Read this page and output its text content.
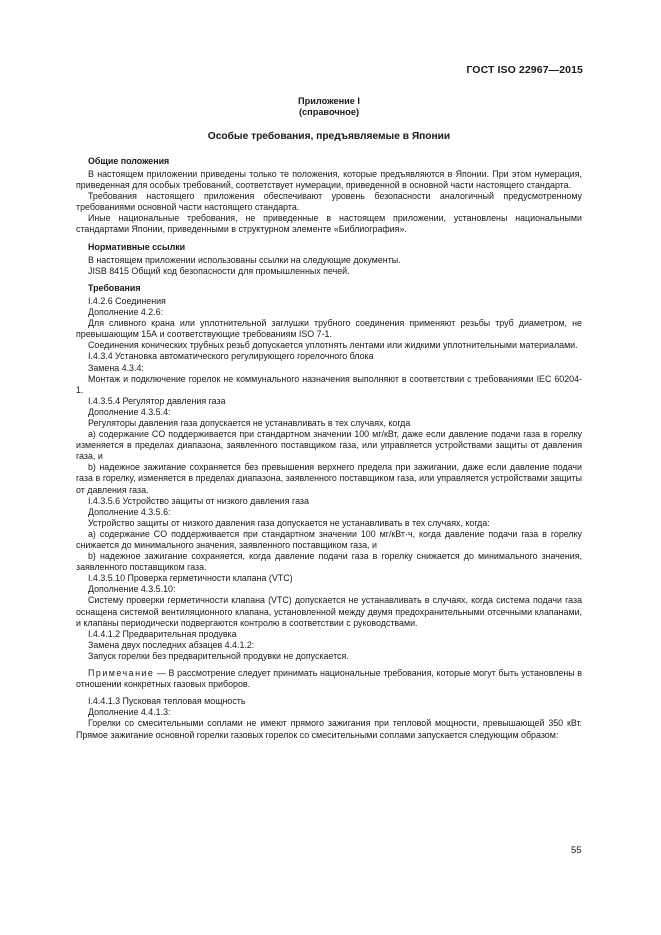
ГОСТ ISO 22967—2015
Приложение I
(справочное)
Особые требования, предъявляемые в Японии
Общие положения

В настоящем приложении приведены только те положения, которые предъявляются в Японии. При этом нумерация, приведенная для особых требований, соответствует нумерации, приведенной в основной части настоящего стандарта.

Требования настоящего приложения обеспечивают уровень безопасности аналогичный предусмотренному требованиями основной части настоящего стандарта.

Иные национальные требования, не приведенные в настоящем приложении, установлены национальными стандартами Японии, приведенными в структурном элементе «Библиография».

Нормативные ссылки

В настоящем приложении использованы ссылки на следующие документы.

JISB 8415 Общий код безопасности для промышленных печей.

Требования

I.4.2.6 Соединения

Дополнение 4.2.6:

Для сливного крана или уплотнительной заглушки трубного соединения применяют резьбы труб диаметром, не превышающим 15А и соответствующие требованиям ISO 7-1.

Соединения конических трубных резьб допускается уплотнять лентами или жидкими уплотнительными материалами.

I.4.3.4 Установка автоматического регулирующего горелочного блока

Замена 4.3.4:

Монтаж и подключение горелок не коммунального назначения выполняют в соответствии с требованиями IEC 60204-1.

I.4.3.5.4 Регулятор давления газа

Дополнение 4.3.5.4:

Регуляторы давления газа допускается не устанавливать в тех случаях, когда

а) содержание CO поддерживается при стандартном значении 100 мг/кВт, даже если давление подачи газа в горелку изменяется в пределах диапазона, заявленного поставщиком газа, или управляется устройствами защиты от давления газа, и

b) надежное зажигание сохраняется без превышения верхнего предела при зажигании, даже если давление подачи газа в горелку, изменяется в пределах диапазона, заявленного поставщиком газа, или управляется устройствами защиты от давления газа.

I.4.3.5.6 Устройство защиты от низкого давления газа

Дополнение 4.3.5.6:

Устройство защиты от низкого давления газа допускается не устанавливать в тех случаях, когда:

а) содержание CO поддерживается при стандартном значении 100 мг/кВт·ч, когда давление подачи газа в горелку снижается до минимального значения, заявленного поставщиком газа, и

b) надежное зажигание сохраняется, когда давление подачи газа в горелку снижается до минимального значения, заявленного поставщиком газа.

I.4.3.5.10 Проверка герметичности клапана (VTC)

Дополнение 4.3.5.10:

Систему проверки герметичности клапана (VTC) допускается не устанавливать в случаях, когда система подачи газа оснащена системой вентиляционного клапана, установленной между двумя предохранительными отсечными клапанами, и клапаны периодически подвергаются контролю в соответствии с руководствами.

I.4.4.1.2 Предварительная продувка

Замена двух последних абзацев 4.4.1.2:

Запуск горелки без предварительной продувки не допускается.

Примечание — В рассмотрение следует принимать национальные требования, которые могут быть установлены в отношении конкретных газовых приборов.

I.4.4.1.3 Пусковая тепловая мощность

Дополнение 4.4.1.3:

Горелки со смесительными соплами не имеют прямого зажигания при тепловой мощности, превышающей 350 кВт. Прямое зажигание основной горелки газовых горелок со смесительными соплами запускается следующим образом:

55
